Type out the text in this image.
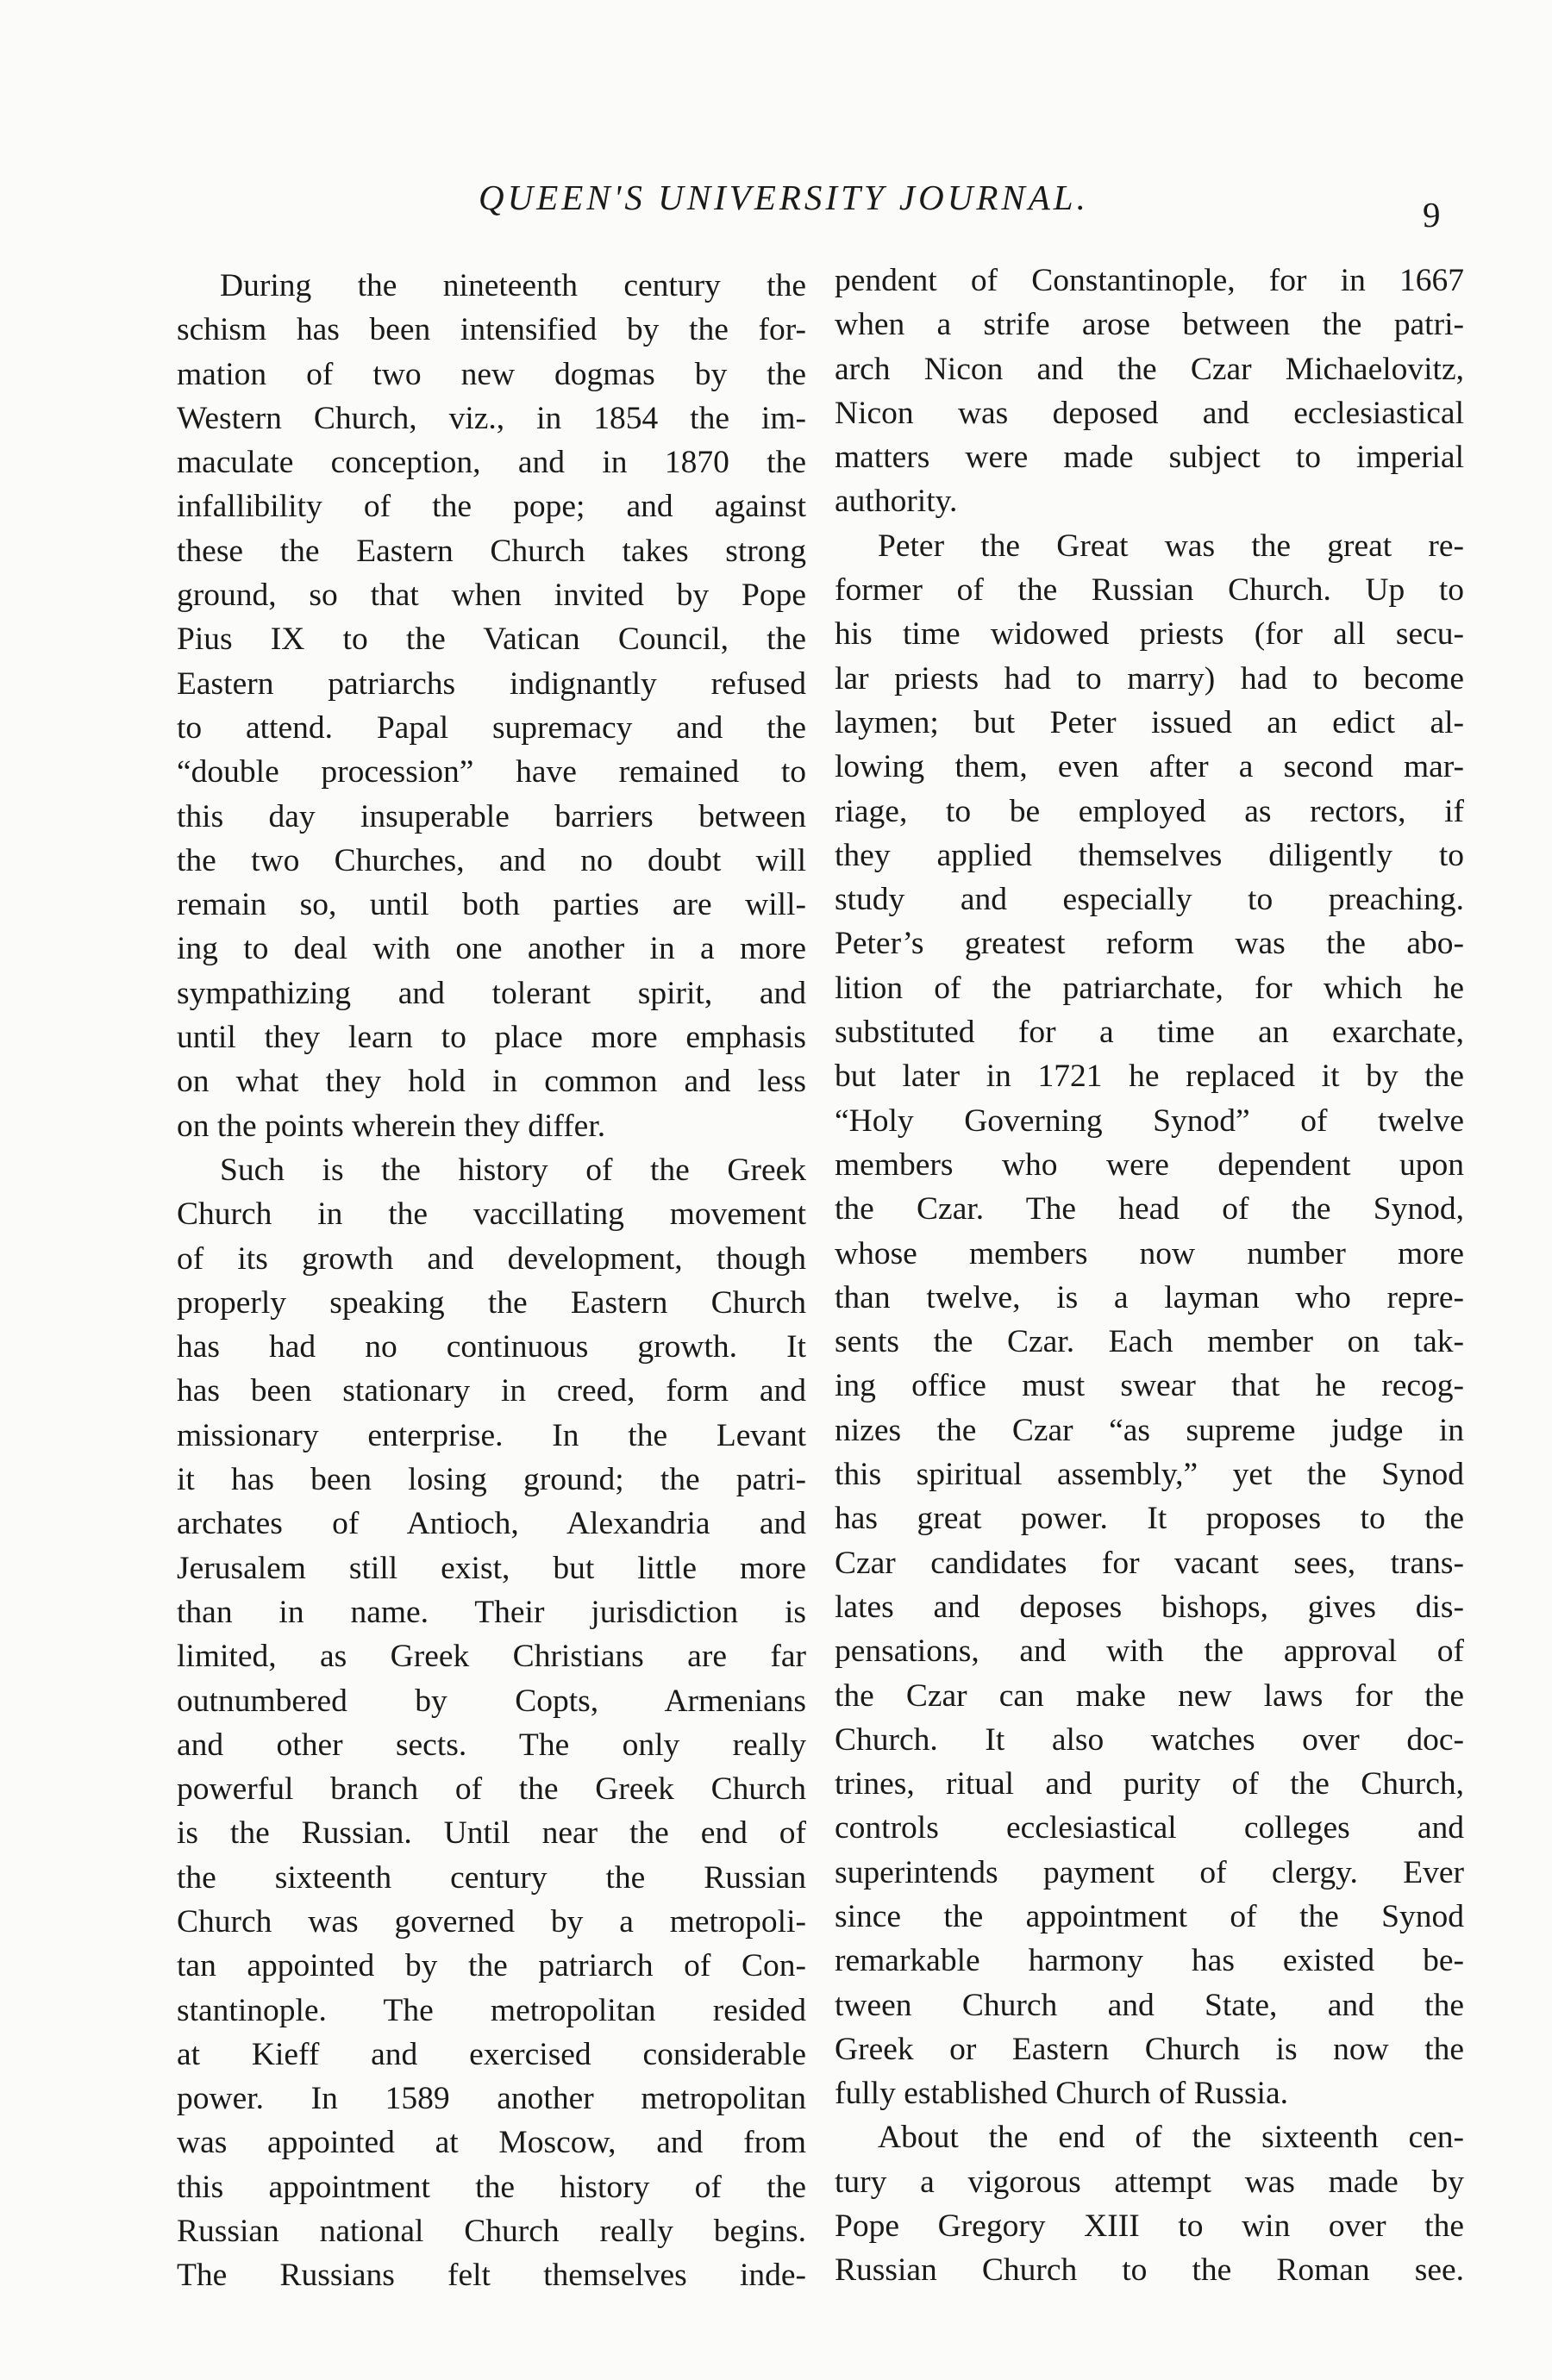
QUEEN'S UNIVERSITY JOURNAL.	9
During the nineteenth century the
schism has been intensified by the for-
mation of two new dogmas by the
Western Church, viz., in 1854 the im-
maculate conception, and in 1870 the
infallibility of the pope; and against
these the Eastern Church takes strong
ground, so that when invited by Pope
Pius IX to the Vatican Council, the
Eastern patriarchs indignantly refused
to attend. Papal supremacy and the
“double procession” have remained to
this day insuperable barriers between
the two Churches, and no doubt will
remain so, until both parties are will-
ing to deal with one another in a more
sympathizing and tolerant spirit, and
until they learn to place more emphasis
on what they hold in common and less
on the points wherein they differ.
Such is the history of the Greek
Church in the vaccillating movement
of its growth and development, though
properly speaking the Eastern Church
has had no continuous growth. It
has been stationary in creed, form and
missionary enterprise. In the Levant
it has been losing ground; the patri-
archates of Antioch, Alexandria and
Jerusalem still exist, but little more
than in name. Their jurisdiction is
limited, as Greek Christians are far
outnumbered by Copts, Armenians
and other sects. The only really
powerful branch of the Greek Church
is the Russian. Until near the end of
the sixteenth century the Russian
Church was governed by a metropoli-
tan appointed by the patriarch of Con-
stantinople. The metropolitan resided
at Kieff and exercised considerable
power. In 1589 another metropolitan
was appointed at Moscow, and from
this appointment the history of the
Russian national Church really begins.
The Russians felt themselves inde-
pendent of Constantinople, for in 1667
when a strife arose between the patri-
arch Nicon and the Czar Michaelovitz,
Nicon was deposed and ecclesiastical
matters were made subject to imperial
authority.
Peter the Great was the great re-
former of the Russian Church. Up to
his time widowed priests (for all secu-
lar priests had to marry) had to become
laymen; but Peter issued an edict al-
lowing them, even after a second mar-
riage, to be employed as rectors, if
they applied themselves diligently to
study and especially to preaching.
Peter’s greatest reform was the abo-
lition of the patriarchate, for which he
substituted for a time an exarchate,
but later in 1721 he replaced it by the
“Holy Governing Synod” of twelve
members who were dependent upon
the Czar. The head of the Synod,
whose members now number more
than twelve, is a layman who repre-
sents the Czar. Each member on tak-
ing office must swear that he recog-
nizes the Czar “as supreme judge in
this spiritual assembly,” yet the Synod
has great power. It proposes to the
Czar candidates for vacant sees, trans-
lates and deposes bishops, gives dis-
pensations, and with the approval of
the Czar can make new laws for the
Church. It also watches over doc-
trines, ritual and purity of the Church,
controls ecclesiastical colleges and
superintends payment of clergy. Ever
since the appointment of the Synod
remarkable harmony has existed be-
tween Church and State, and the
Greek or Eastern Church is now the
fully established Church of Russia.
About the end of the sixteenth cen-
tury a vigorous attempt was made by
Pope Gregory XIII to win over the
Russian Church to the Roman see.
